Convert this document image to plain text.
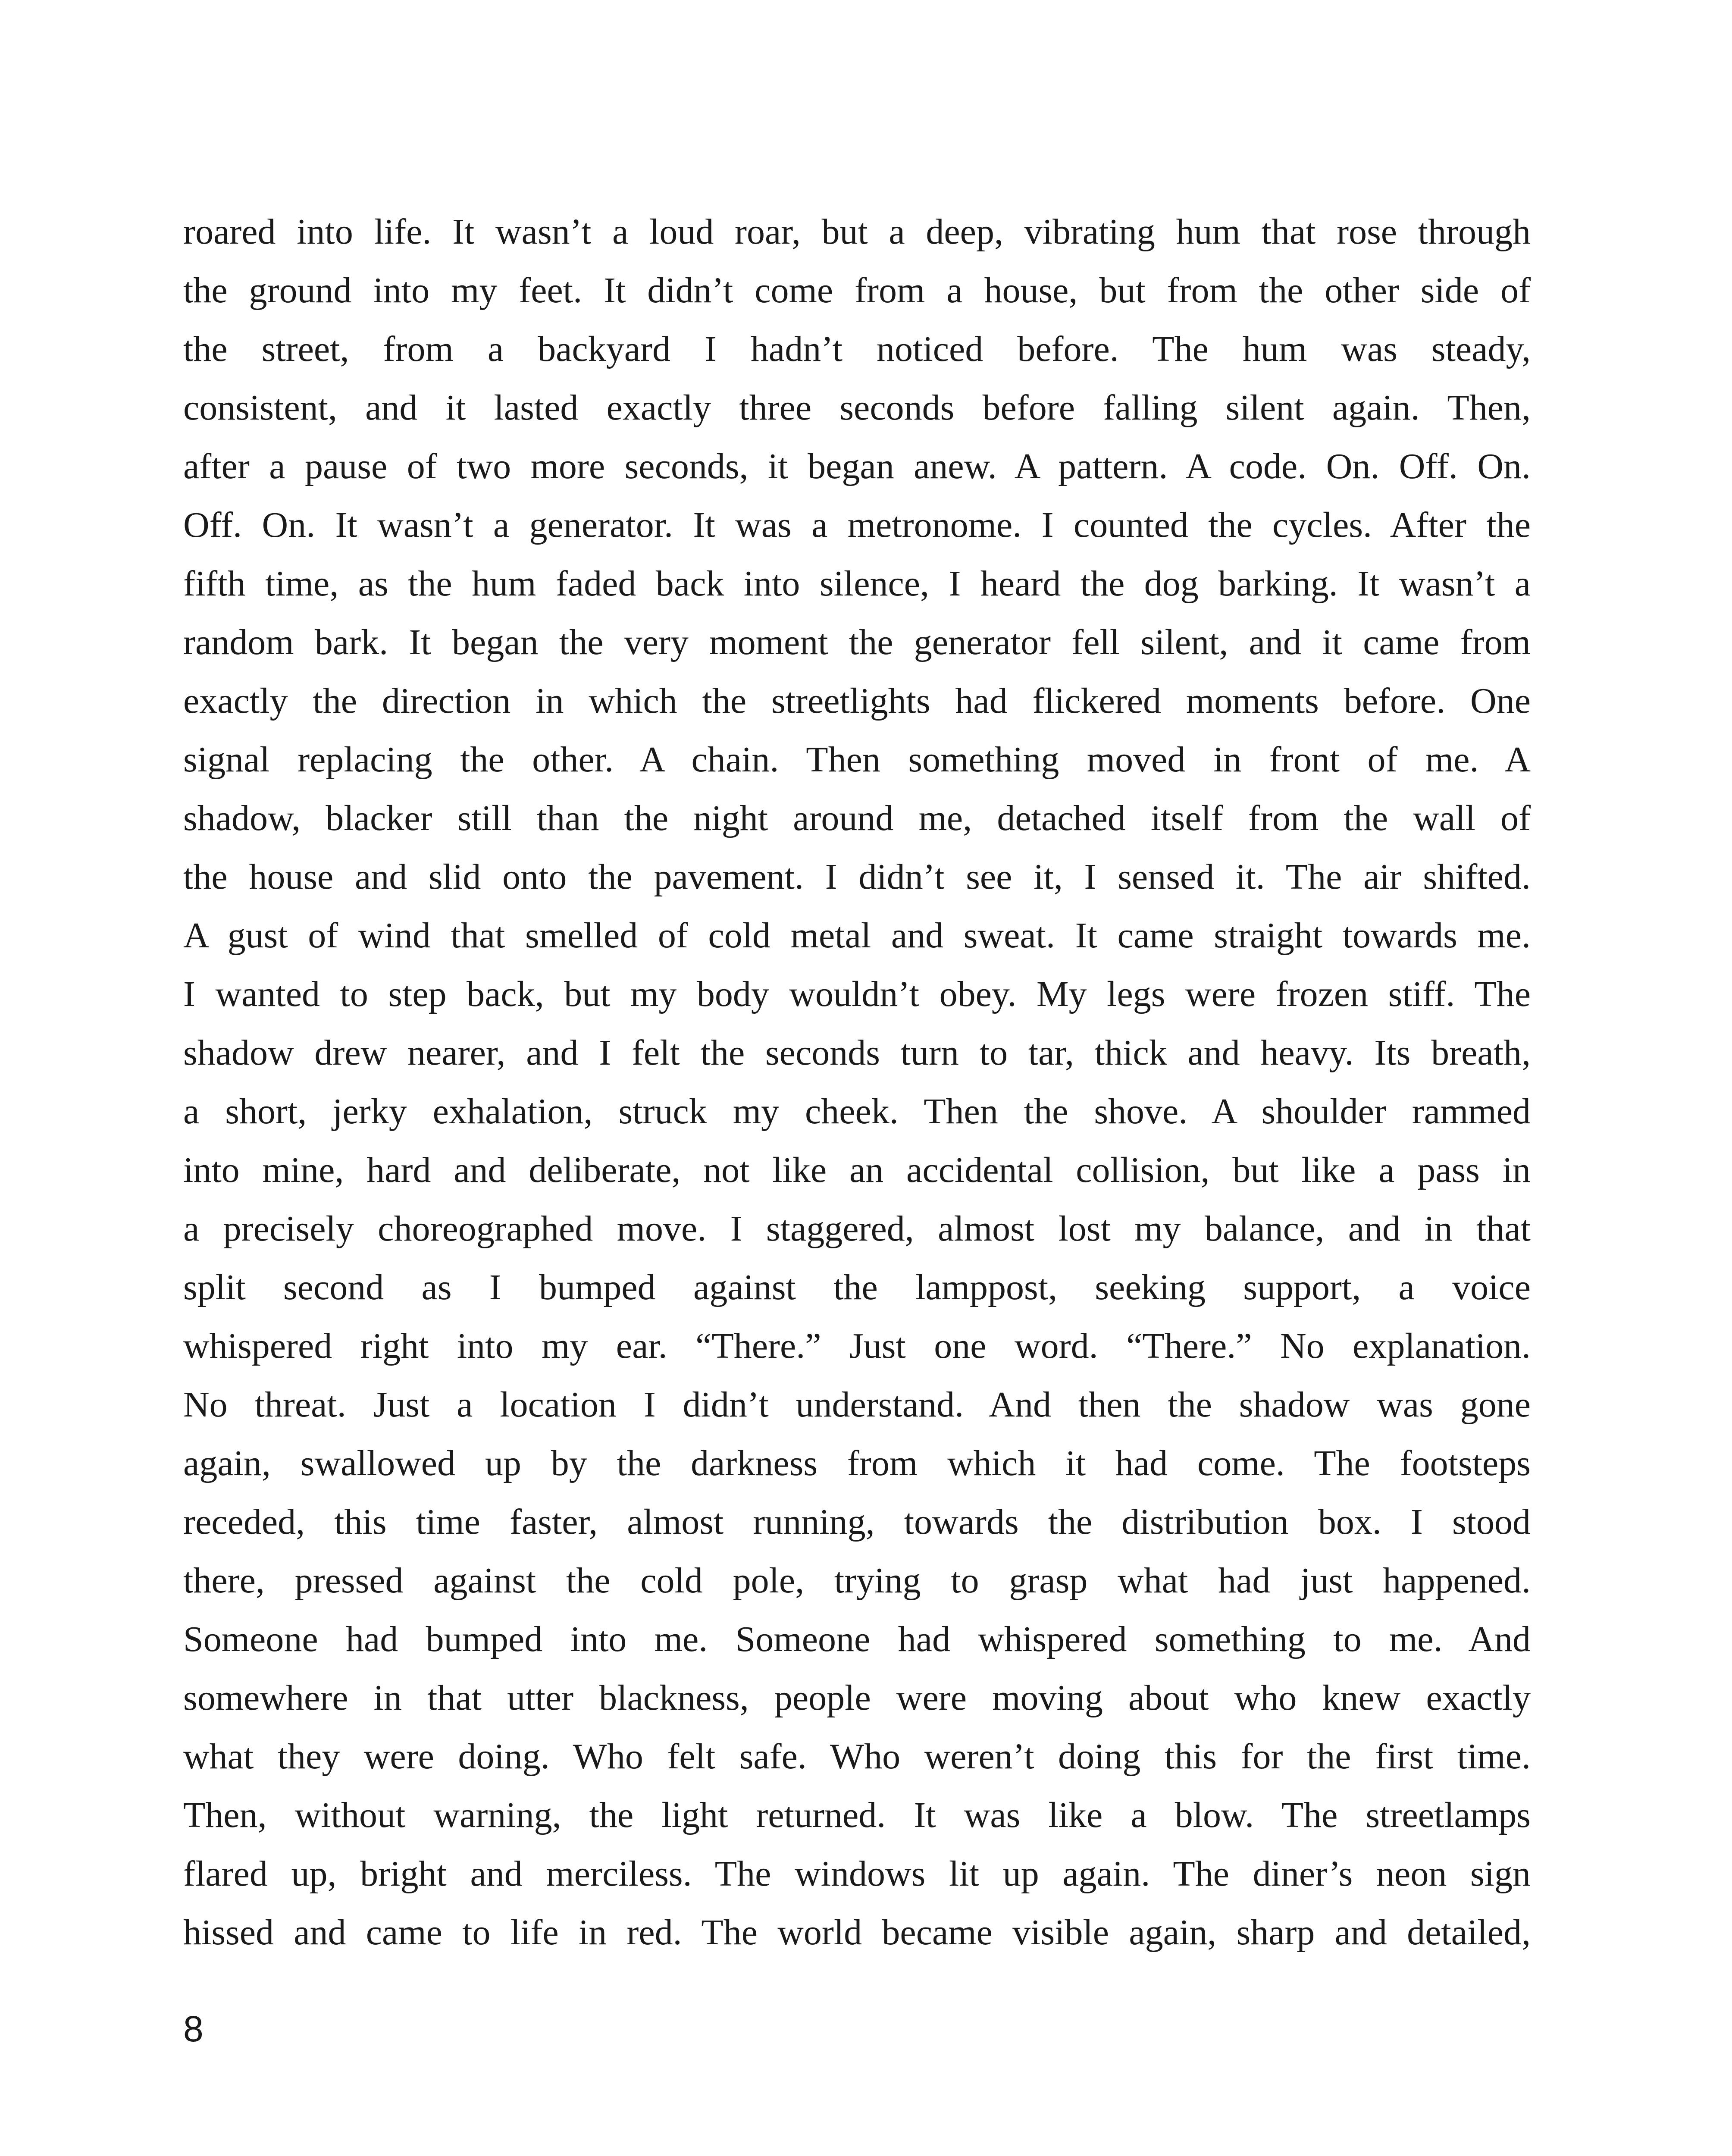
roared into life. It wasn’t a loud roar, but a deep, vibrating hum that rose through
the ground into my feet. It didn’t come from a house, but from the other side of
the street, from a backyard I hadn’t noticed before. The hum was steady,
consistent, and it lasted exactly three seconds before falling silent again. Then,
after a pause of two more seconds, it began anew. A pattern. A code. On. Off. On.
Off. On. It wasn’t a generator. It was a metronome. I counted the cycles. After the
fifth time, as the hum faded back into silence, I heard the dog barking. It wasn’t a
random bark. It began the very moment the generator fell silent, and it came from
exactly the direction in which the streetlights had flickered moments before. One
signal replacing the other. A chain. Then something moved in front of me. A
shadow, blacker still than the night around me, detached itself from the wall of
the house and slid onto the pavement. I didn’t see it, I sensed it. The air shifted.
A gust of wind that smelled of cold metal and sweat. It came straight towards me.
I wanted to step back, but my body wouldn’t obey. My legs were frozen stiff. The
shadow drew nearer, and I felt the seconds turn to tar, thick and heavy. Its breath,
a short, jerky exhalation, struck my cheek. Then the shove. A shoulder rammed
into mine, hard and deliberate, not like an accidental collision, but like a pass in
a precisely choreographed move. I staggered, almost lost my balance, and in that
split second as I bumped against the lamppost, seeking support, a voice
whispered right into my ear. “There.” Just one word. “There.” No explanation.
No threat. Just a location I didn’t understand. And then the shadow was gone
again, swallowed up by the darkness from which it had come. The footsteps
receded, this time faster, almost running, towards the distribution box. I stood
there, pressed against the cold pole, trying to grasp what had just happened.
Someone had bumped into me. Someone had whispered something to me. And
somewhere in that utter blackness, people were moving about who knew exactly
what they were doing. Who felt safe. Who weren’t doing this for the first time.
Then, without warning, the light returned. It was like a blow. The streetlamps
flared up, bright and merciless. The windows lit up again. The diner’s neon sign
hissed and came to life in red. The world became visible again, sharp and detailed,
8
